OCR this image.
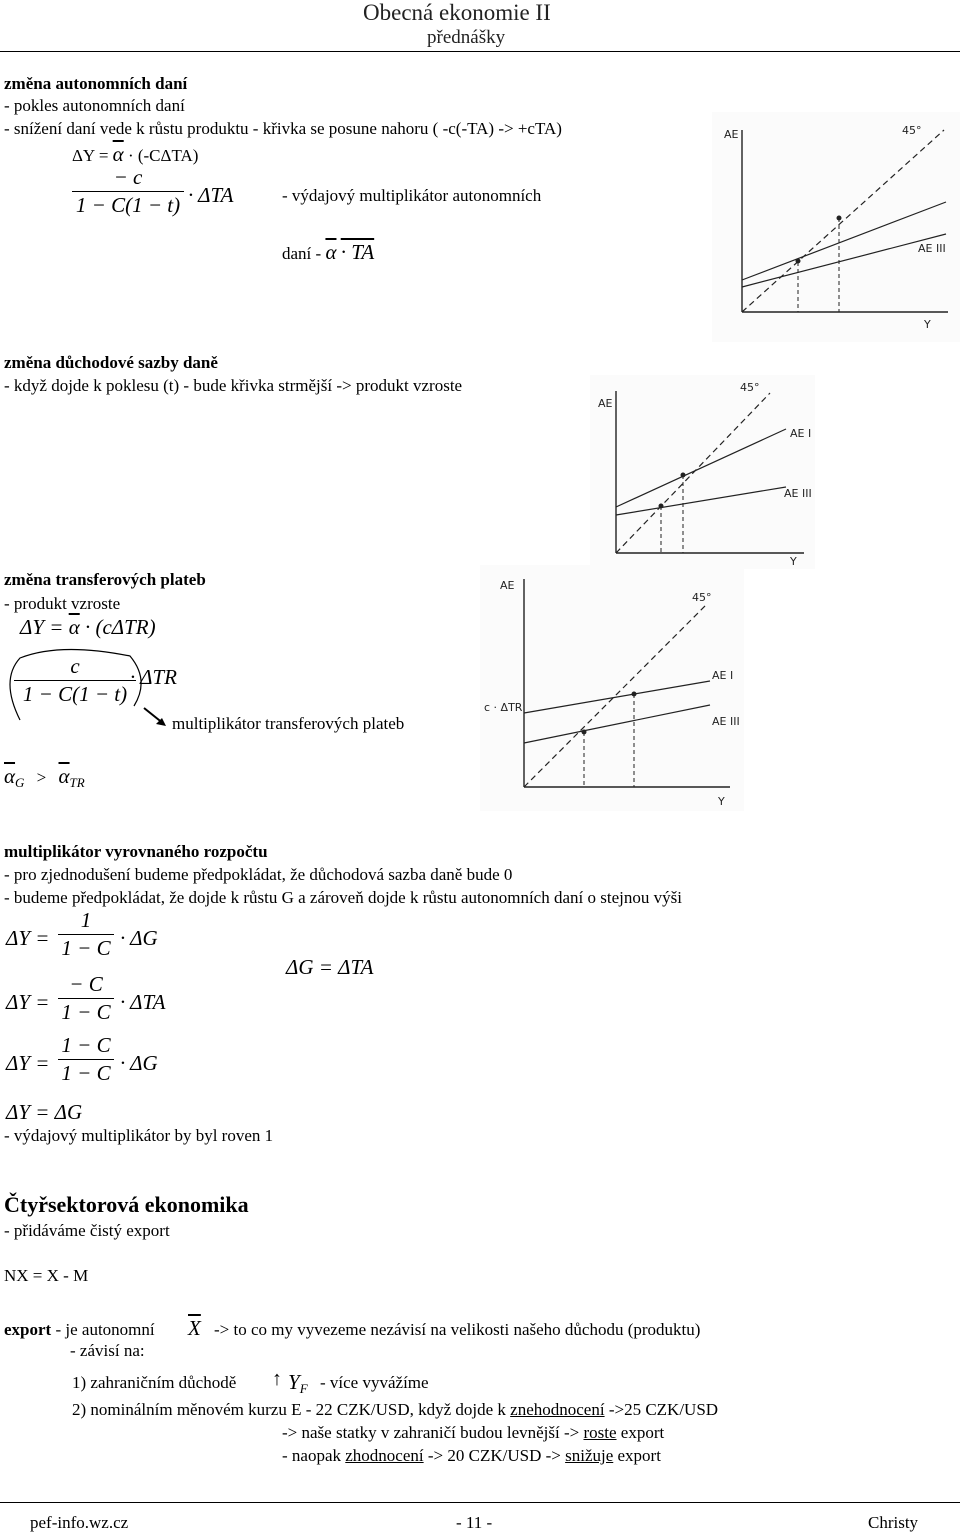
Obecná ekonomie II
přednášky
změna autonomních daní
- pokles autonomních daní
- snížení daní vede k růstu produktu - křivka se posune nahoru ( -c(-TA) -> +cTA)
$\Delta Y = \overline{\alpha} \cdot (-C\Delta TA)$
− c
1 − C(1 − t) · ΔTA	- výdajový multiplikátor autonomních
daní - $\overline{\alpha}$ · TA
AE	45°
AE III
Y
změna důchodové sazby daně
- když dojde k poklesu (t) - bude křivka strmější -> produkt vzroste
AE
45°
AE I
AE III
Y
změna transferových plateb
- produkt vzroste
$\Delta Y = \overline{\alpha} \cdot (c\Delta TR)$
c
1 − C(1 − t)
· ΔTR
multiplikátor transferových plateb
$\overline{\alpha}_G > \overline{\alpha}_{TR}$
AE
45°
c · ΔTR
AE I
AE III
Y
multiplikátor vyrovnaného rozpočtu
- pro zjednodušení budeme předpokládat, že důchodová sazba daně bude 0
- budeme předpokládat, že dojde k růstu G a zároveň dojde k růstu autonomních daní o stejnou výši
ΔY =
1
1 − C · ΔG
ΔG = ΔTA
ΔY =
− C
1 − C · ΔTA
ΔY =
1 − C
1 − C · ΔG
ΔY = ΔG
- výdajový multiplikátor by byl roven 1
Čtyřsektorová ekonomika
- přidáváme čistý export
NX = X - M
export - je autonomní $\overline{X}$ -> to co my vyvezeme nezávisí na velikosti našeho důchodu (produktu)
- závisí na:
1) zahraničním důchodě ↑ $Y_F$ - více vyvážíme
2) nominálním měnovém kurzu E - 22 CZK/USD, když dojde k znehodnocení ->25 CZK/USD
-> naše statky v zahraničí budou levnější -> roste export
- naopak zhodnocení -> 20 CZK/USD -> snižuje export
pef-info.wz.cz	- 11 -	Christy
